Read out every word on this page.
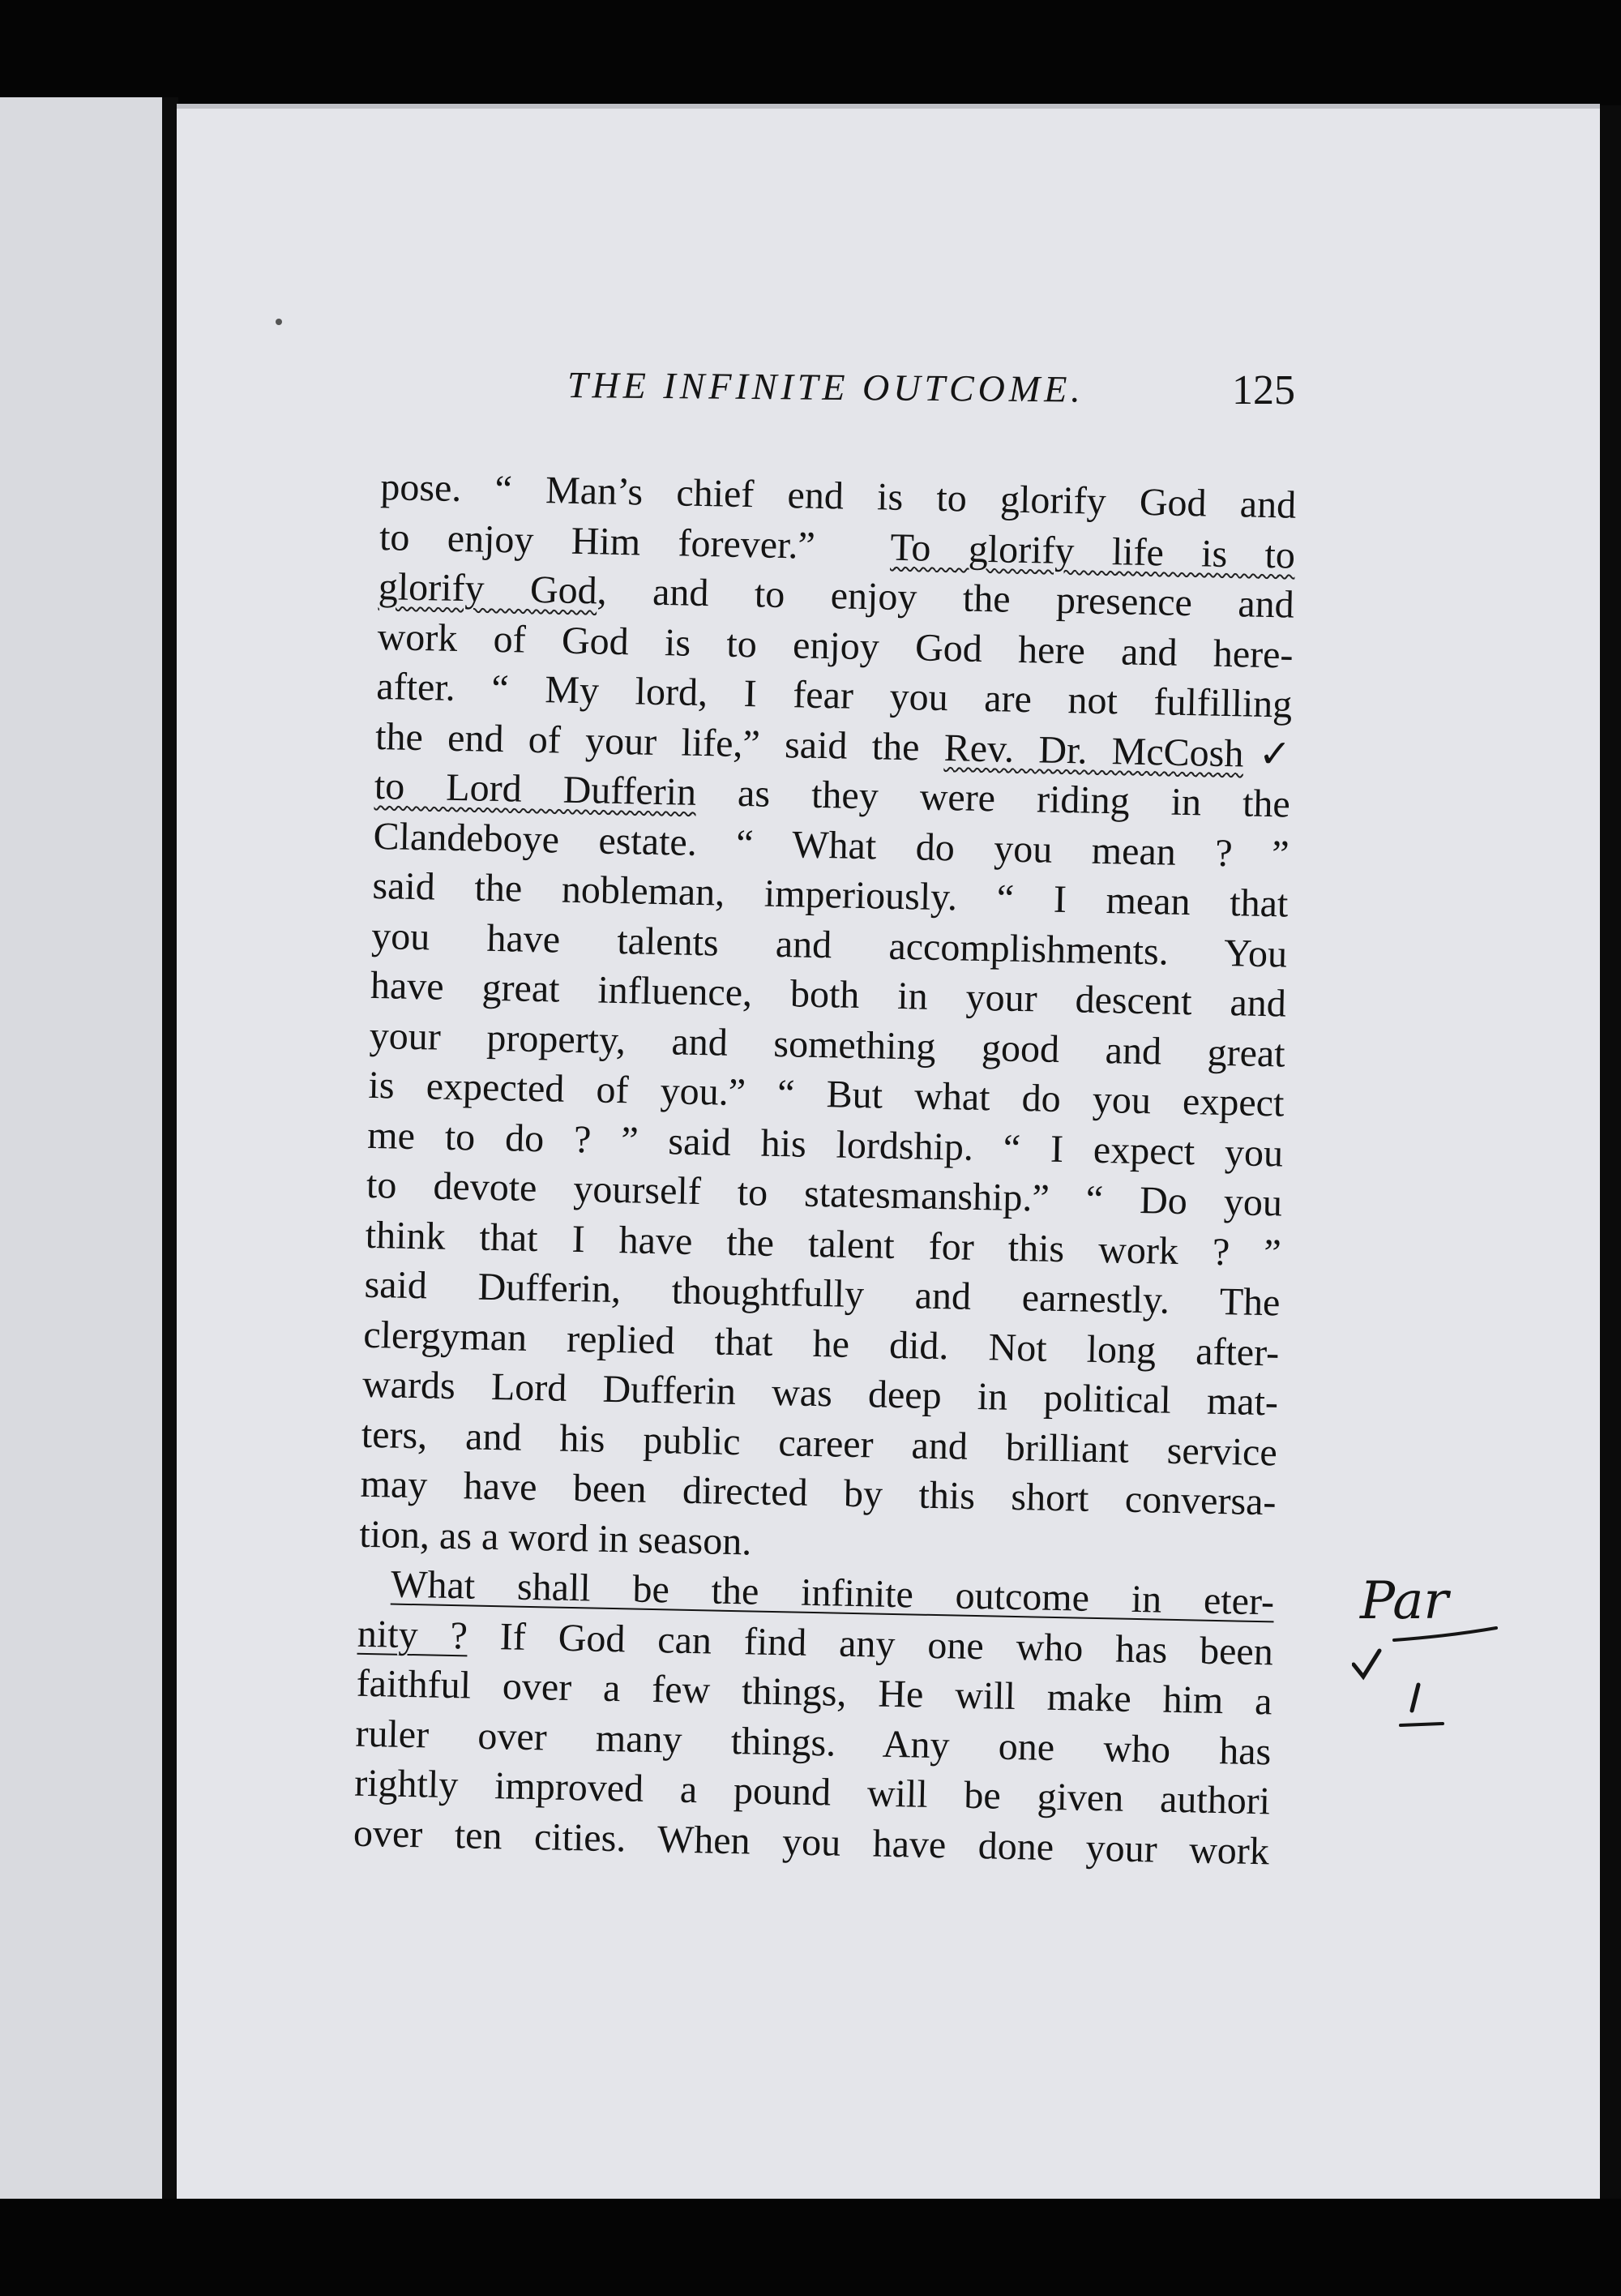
THE INFINITE OUTCOME.	125
pose. “ Man’s chief end is to glorify God and
to enjoy Him forever.” To glorify life is to
glorify God, and to enjoy the presence and
work of God is to enjoy God here and here-
after. “ My lord, I fear you are not fulfilling
the end of your life,” said the Rev. Dr. McCosh✓
to Lord Dufferin as they were riding in the
Clandeboye estate. “ What do you mean ? ”
said the nobleman, imperiously. “ I mean that
you have talents and accomplishments. You
have great influence, both in your descent and
your property, and something good and great
is expected of you.” “ But what do you expect
me to do ? ” said his lordship. “ I expect you
to devote yourself to statesmanship.” “ Do you
think that I have the talent for this work ? ”
said Dufferin, thoughtfully and earnestly. The
clergyman replied that he did. Not long after-
wards Lord Dufferin was deep in political mat-
ters, and his public career and brilliant service
may have been directed by this short conversa-
tion, as a word in season.
What shall be the infinite outcome in eter-
nity ? If God can find any one who has been
faithful over a few things, He will make him a
ruler over many things. Any one who has
rightly improved a pound will be given authori
over ten cities. When you have done your work
Par
